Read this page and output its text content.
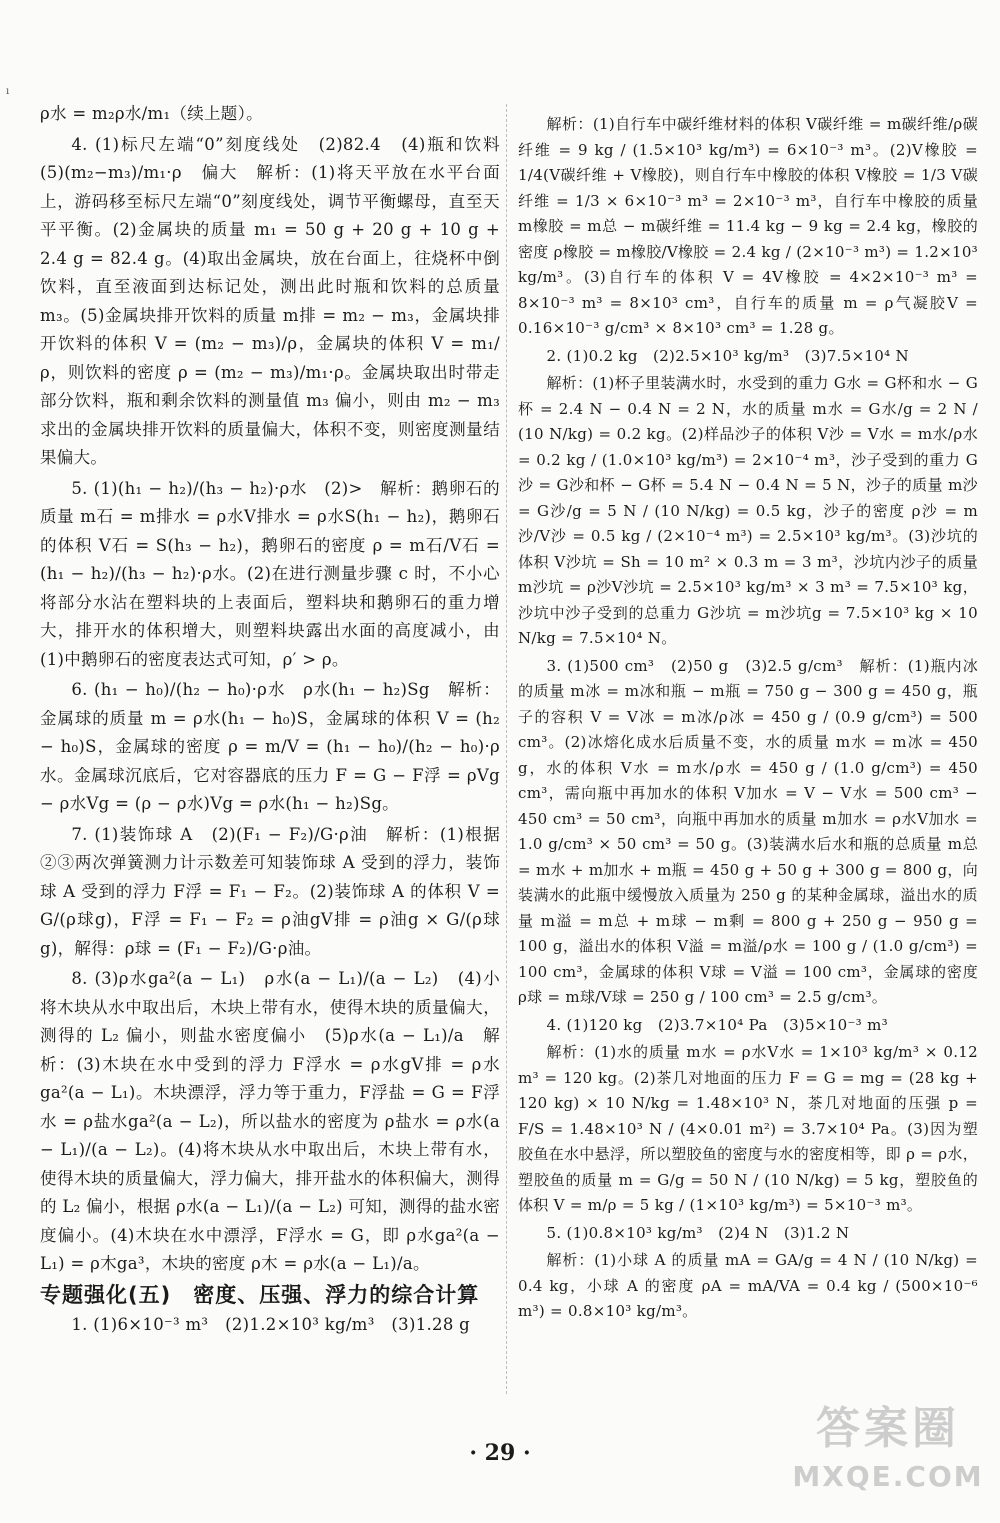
ı

ρ水 = m₂ρ水/m₁（续上题）。

4. (1)标尺左端“0”刻度线处　(2)82.4　(4)瓶和饮料　(5)(m₂−m₃)/m₁·ρ　偏大　解析：(1)将天平放在水平台面上，游码移至标尺左端“0”刻度线处，调节平衡螺母，直至天平平衡。(2)金属块的质量 m₁ = 50 g + 20 g + 10 g + 2.4 g = 82.4 g。(4)取出金属块，放在台面上，往烧杯中倒饮料，直至液面到达标记处，测出此时瓶和饮料的总质量 m₃。(5)金属块排开饮料的质量 m排 = m₂ − m₃，金属块排开饮料的体积 V = (m₂ − m₃)/ρ，金属块的体积 V = m₁/ρ，则饮料的密度 ρ = (m₂ − m₃)/m₁·ρ。金属块取出时带走部分饮料，瓶和剩余饮料的测量值 m₃ 偏小，则由 m₂ − m₃ 求出的金属块排开饮料的质量偏大，体积不变，则密度测量结果偏大。

5. (1)(h₁ − h₂)/(h₃ − h₂)·ρ水　(2)>　解析：鹅卵石的质量 m石 = m排水 = ρ水V排水 = ρ水S(h₁ − h₂)，鹅卵石的体积 V石 = S(h₃ − h₂)，鹅卵石的密度 ρ = m石/V石 = (h₁ − h₂)/(h₃ − h₂)·ρ水。(2)在进行测量步骤 c 时，不小心将部分水沾在塑料块的上表面后，塑料块和鹅卵石的重力增大，排开水的体积增大，则塑料块露出水面的高度减小，由(1)中鹅卵石的密度表达式可知，ρ′ > ρ。

6. (h₁ − h₀)/(h₂ − h₀)·ρ水　ρ水(h₁ − h₂)Sg　解析：金属球的质量 m = ρ水(h₁ − h₀)S，金属球的体积 V = (h₂ − h₀)S，金属球的密度 ρ = m/V = (h₁ − h₀)/(h₂ − h₀)·ρ水。金属球沉底后，它对容器底的压力 F = G − F浮 = ρVg − ρ水Vg = (ρ − ρ水)Vg = ρ水(h₁ − h₂)Sg。

7. (1)装饰球 A　(2)(F₁ − F₂)/G·ρ油　解析：(1)根据②③两次弹簧测力计示数差可知装饰球 A 受到的浮力，装饰球 A 受到的浮力 F浮 = F₁ − F₂。(2)装饰球 A 的体积 V = G/(ρ球g)，F浮 = F₁ − F₂ = ρ油gV排 = ρ油g × G/(ρ球g)，解得：ρ球 = (F₁ − F₂)/G·ρ油。

8. (3)ρ水ga²(a − L₁)　ρ水(a − L₁)/(a − L₂)　(4)小　将木块从水中取出后，木块上带有水，使得木块的质量偏大，测得的 L₂ 偏小，则盐水密度偏小　(5)ρ水(a − L₁)/a　解析：(3)木块在水中受到的浮力 F浮水 = ρ水gV排 = ρ水ga²(a − L₁)。木块漂浮，浮力等于重力，F浮盐 = G = F浮水 = ρ盐水ga²(a − L₂)，所以盐水的密度为 ρ盐水 = ρ水(a − L₁)/(a − L₂)。(4)将木块从水中取出后，木块上带有水，使得木块的质量偏大，浮力偏大，排开盐水的体积偏大，测得的 L₂ 偏小，根据 ρ水(a − L₁)/(a − L₂) 可知，测得的盐水密度偏小。(4)木块在水中漂浮，F浮水 = G，即 ρ水ga²(a − L₁) = ρ木ga³，木块的密度 ρ木 = ρ水(a − L₁)/a。

专题强化(五)　密度、压强、浮力的综合计算

1. (1)6×10⁻³ m³　(2)1.2×10³ kg/m³　(3)1.28 g

解析：(1)自行车中碳纤维材料的体积 V碳纤维 = m碳纤维/ρ碳纤维 = 9 kg / (1.5×10³ kg/m³) = 6×10⁻³ m³。(2)V橡胶 = 1/4(V碳纤维 + V橡胶)，则自行车中橡胶的体积 V橡胶 = 1/3 V碳纤维 = 1/3 × 6×10⁻³ m³ = 2×10⁻³ m³，自行车中橡胶的质量 m橡胶 = m总 − m碳纤维 = 11.4 kg − 9 kg = 2.4 kg，橡胶的密度 ρ橡胶 = m橡胶/V橡胶 = 2.4 kg / (2×10⁻³ m³) = 1.2×10³ kg/m³。(3)自行车的体积 V = 4V橡胶 = 4×2×10⁻³ m³ = 8×10⁻³ m³ = 8×10³ cm³，自行车的质量 m = ρ气凝胶V = 0.16×10⁻³ g/cm³ × 8×10³ cm³ = 1.28 g。

2. (1)0.2 kg　(2)2.5×10³ kg/m³　(3)7.5×10⁴ N

解析：(1)杯子里装满水时，水受到的重力 G水 = G杯和水 − G杯 = 2.4 N − 0.4 N = 2 N，水的质量 m水 = G水/g = 2 N / (10 N/kg) = 0.2 kg。(2)样品沙子的体积 V沙 = V水 = m水/ρ水 = 0.2 kg / (1.0×10³ kg/m³) = 2×10⁻⁴ m³，沙子受到的重力 G沙 = G沙和杯 − G杯 = 5.4 N − 0.4 N = 5 N，沙子的质量 m沙 = G沙/g = 5 N / (10 N/kg) = 0.5 kg，沙子的密度 ρ沙 = m沙/V沙 = 0.5 kg / (2×10⁻⁴ m³) = 2.5×10³ kg/m³。(3)沙坑的体积 V沙坑 = Sh = 10 m² × 0.3 m = 3 m³，沙坑内沙子的质量 m沙坑 = ρ沙V沙坑 = 2.5×10³ kg/m³ × 3 m³ = 7.5×10³ kg，沙坑中沙子受到的总重力 G沙坑 = m沙坑g = 7.5×10³ kg × 10 N/kg = 7.5×10⁴ N。

3. (1)500 cm³　(2)50 g　(3)2.5 g/cm³　解析：(1)瓶内冰的质量 m冰 = m冰和瓶 − m瓶 = 750 g − 300 g = 450 g，瓶子的容积 V = V冰 = m冰/ρ冰 = 450 g / (0.9 g/cm³) = 500 cm³。(2)冰熔化成水后质量不变，水的质量 m水 = m冰 = 450 g，水的体积 V水 = m水/ρ水 = 450 g / (1.0 g/cm³) = 450 cm³，需向瓶中再加水的体积 V加水 = V − V水 = 500 cm³ − 450 cm³ = 50 cm³，向瓶中再加水的质量 m加水 = ρ水V加水 = 1.0 g/cm³ × 50 cm³ = 50 g。(3)装满水后水和瓶的总质量 m总 = m水 + m加水 + m瓶 = 450 g + 50 g + 300 g = 800 g，向装满水的此瓶中缓慢放入质量为 250 g 的某种金属球，溢出水的质量 m溢 = m总 + m球 − m剩 = 800 g + 250 g − 950 g = 100 g，溢出水的体积 V溢 = m溢/ρ水 = 100 g / (1.0 g/cm³) = 100 cm³，金属球的体积 V球 = V溢 = 100 cm³，金属球的密度 ρ球 = m球/V球 = 250 g / 100 cm³ = 2.5 g/cm³。

4. (1)120 kg　(2)3.7×10⁴ Pa　(3)5×10⁻³ m³

解析：(1)水的质量 m水 = ρ水V水 = 1×10³ kg/m³ × 0.12 m³ = 120 kg。(2)茶几对地面的压力 F = G = mg = (28 kg + 120 kg) × 10 N/kg = 1.48×10³ N，茶几对地面的压强 p = F/S = 1.48×10³ N / (4×0.01 m²) = 3.7×10⁴ Pa。(3)因为塑胶鱼在水中悬浮，所以塑胶鱼的密度与水的密度相等，即 ρ = ρ水，塑胶鱼的质量 m = G/g = 50 N / (10 N/kg) = 5 kg，塑胶鱼的体积 V = m/ρ = 5 kg / (1×10³ kg/m³) = 5×10⁻³ m³。

5. (1)0.8×10³ kg/m³　(2)4 N　(3)1.2 N

解析：(1)小球 A 的质量 mA = GA/g = 4 N / (10 N/kg) = 0.4 kg，小球 A 的密度 ρA = mA/VA = 0.4 kg / (500×10⁻⁶ m³) = 0.8×10³ kg/m³。

· 29 ·	答案圈
MXQE.COM
